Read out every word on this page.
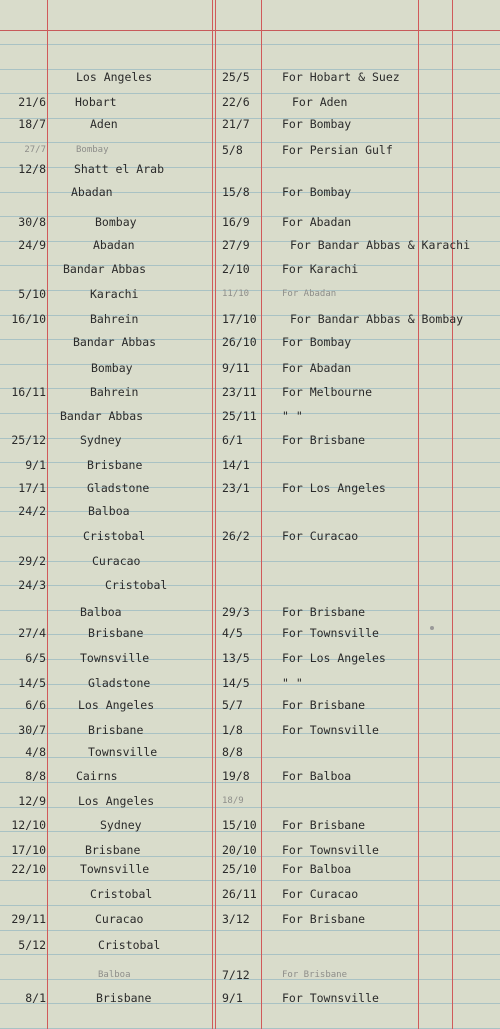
Los Angeles	25/5	For Hobart & Suez
21/6	Hobart	22/6	For Aden
18/7	Aden	21/7	For Bombay
27/7	Bombay	5/8	For Persian Gulf
12/8 Shatt el Arab
Abadan	15/8	For Bombay
30/8	Bombay	16/9	For Abadan
24/9	Abadan	27/9	For Bandar Abbas & Karachi
Bandar Abbas	2/10	For Karachi
5/10	Karachi	11/10	For Abadan
16/10	Bahrein	17/10	For Bandar Abbas & Bombay
Bandar Abbas	26/10 For Bombay
Bombay	9/11	For Abadan
16/11	Bahrein	23/11 For Melbourne
Bandar Abbas	25/11 " "
25/12	Sydney	6/1	For Brisbane
9/1	Brisbane	14/1
17/1	Gladstone	23/1	For Los Angeles
24/2	Balboa
Cristobal	26/2	For Curacao
29/2	Curacao
24/3	Cristobal
Balboa	29/3	For Brisbane
27/4	Brisbane	4/5	For Townsville
6/5	Townsville	13/5	For Los Angeles
14/5	Gladstone	14/5	" "
6/6	Los Angeles	5/7	For Brisbane
30/7	Brisbane	1/8	For Townsville
4/8	Townsville	8/8
8/8	Cairns	19/8	For Balboa
12/9	Los Angeles	18/9
12/10	Sydney	15/10 For Brisbane
17/10	Brisbane	20/10 For Townsville
22/10	Townsville	25/10 For Balboa
Cristobal	26/11 For Curacao
29/11	Curacao	3/12	For Brisbane
5/12	Cristobal
Balboa	7/12	For Brisbane
8/1	Brisbane	9/1	For Townsville
